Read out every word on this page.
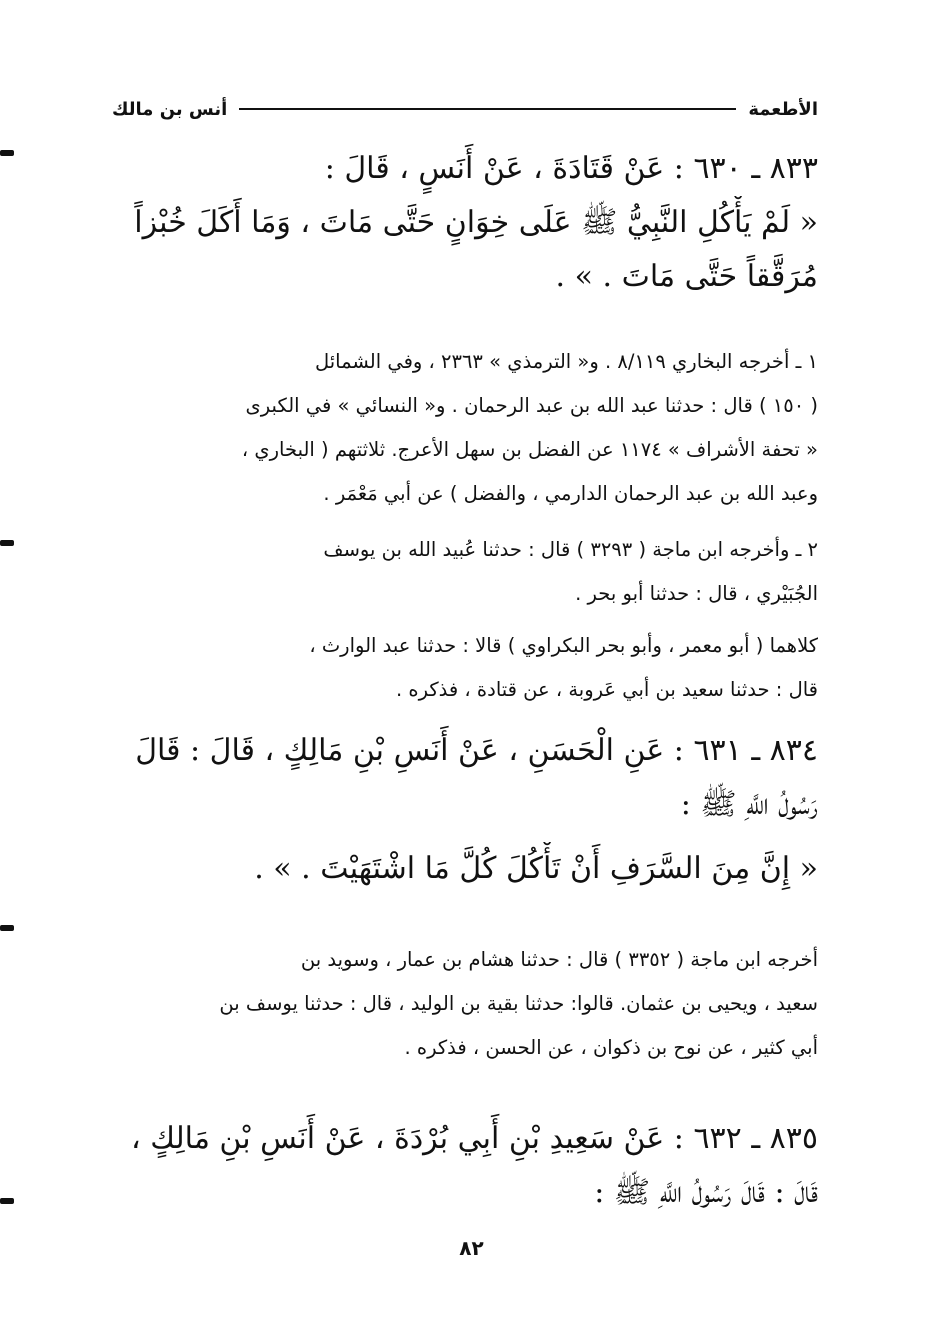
الأطعمة
أنس بن مالك
٨٣٣ ـ ٦٣٠ : عَنْ قَتَادَةَ ، عَنْ أَنَسٍ ، قَالَ :
« لَمْ يَأْكُلِ النَّبِيُّ ﷺ عَلَى خِوَانٍ حَتَّى مَاتَ ، وَمَا أَكَلَ خُبْزاً
مُرَقَّقاً حَتَّى مَاتَ . » .
١ ـ أخرجه البخاري ٨/١١٩ . و« الترمذي » ٢٣٦٣ ، وفي الشمائل
( ١٥٠ ) قال : حدثنا عبد الله بن عبد الرحمان . و« النسائي » في الكبرى
« تحفة الأشراف » ١١٧٤ عن الفضل بن سهل الأعرج. ثلاثتهم ( البخاري ،
وعبد الله بن عبد الرحمان الدارمي ، والفضل ) عن أبي مَعْمَر .
٢ ـ وأخرجه ابن ماجة ( ٣٢٩٣ ) قال : حدثنا عُبيد الله بن يوسف
الجُبَيْري ، قال : حدثنا أبو بحر .
كلاهما ( أبو معمر ، وأبو بحر البكراوي ) قالا : حدثنا عبد الوارث ،
قال : حدثنا سعيد بن أبي عَروبة ، عن قتادة ، فذكره .
٨٣٤ ـ ٦٣١ : عَنِ الْحَسَنِ ، عَنْ أَنَسِ بْنِ مَالِكٍ ، قَالَ : قَالَ
رَسُولُ اللَّهِ ﷺ :
« إِنَّ مِنَ السَّرَفِ أَنْ تَأْكُلَ كُلَّ مَا اشْتَهَيْتَ . » .
أخرجه ابن ماجة ( ٣٣٥٢ ) قال : حدثنا هشام بن عمار ، وسويد بن
سعيد ، ويحيى بن عثمان. قالوا: حدثنا بقية بن الوليد ، قال : حدثنا يوسف بن
أبي كثير ، عن نوح بن ذكوان ، عن الحسن ، فذكره .
٨٣٥ ـ ٦٣٢ : عَنْ سَعِيدِ بْنِ أَبِي بُرْدَةَ ، عَنْ أَنَسِ بْنِ مَالِكٍ ،
قَالَ : قَالَ رَسُولُ اللَّهِ ﷺ :
٨٢
